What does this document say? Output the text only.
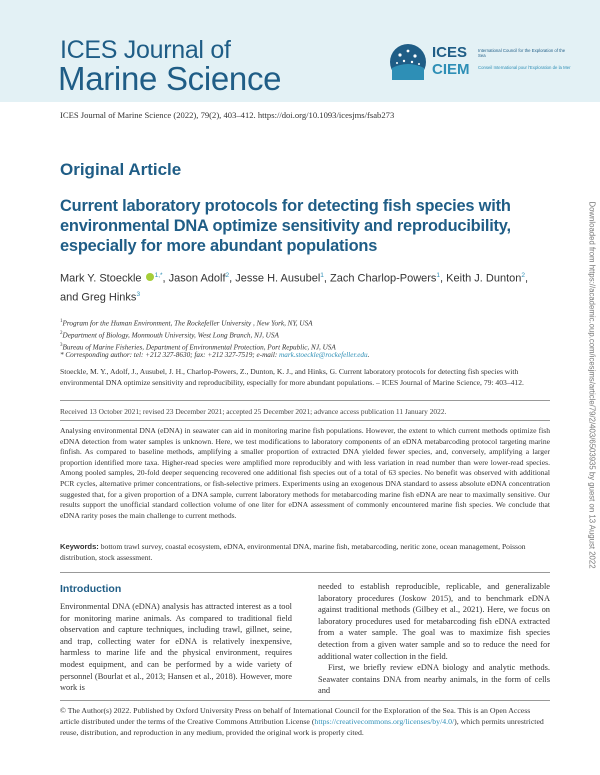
ICES Journal of
Marine Science
ICES
CIEM
International Council for the Exploration of the Sea
Conseil International pour l'Exploration de la Mer
ICES Journal of Marine Science (2022), 79(2), 403–412. https://doi.org/10.1093/icesjms/fsab273
Original Article
Current laboratory protocols for detecting fish species with environmental DNA optimize sensitivity and reproducibility, especially for more abundant populations
Mark Y. Stoeckle $^{1,*}$, Jason Adolf$^2$, Jesse H. Ausubel$^1$, Zach Charlop-Powers$^1$, Keith J. Dunton$^2$,
and Greg Hinks$^3$
$^1$Program for the Human Environment, The Rockefeller University , New York, NY, USA
$^2$Department of Biology, Monmouth University, West Long Branch, NJ, USA
$^3$Bureau of Marine Fisheries, Department of Environmental Protection, Port Republic, NJ, USA
* Corresponding author: tel: +212 327-8630; fax: +212 327-7519; e-mail: mark.stoeckle@rockefeller.edu.
Stoeckle, M. Y., Adolf, J., Ausubel, J. H., Charlop-Powers, Z., Dunton, K. J., and Hinks, G. Current laboratory protocols for detecting fish species with environmental DNA optimize sensitivity and reproducibility, especially for more abundant populations. – ICES Journal of Marine Science, 79: 403–412.
Received 13 October 2021; revised 23 December 2021; accepted 25 December 2021; advance access publication 11 January 2022.

Analysing environmental DNA (eDNA) in seawater can aid in monitoring marine fish populations. However, the extent to which current methods optimize fish eDNA detection from water samples is unknown. Here, we test modifications to laboratory components of an eDNA metabarcoding protocol targeting marine finfish. As compared to baseline methods, amplifying a smaller proportion of extracted DNA yielded fewer species, and, conversely, amplifying a larger proportion identified more taxa. Higher-read species were amplified more reproducibly and with less variation in read number than were lower-read species. Among pooled samples, 20-fold deeper sequencing recovered one additional fish species out of a total of 63 species. No benefit was observed with additional PCR cycles, alternative primer concentrations, or fish-selective primers. Experiments using an exogenous DNA standard to assess absolute eDNA concentration suggested that, for a given proportion of a DNA sample, current laboratory methods for metabarcoding marine fish eDNA are near to maximally sensitive. Our results support the unofficial standard collection volume of one liter for eDNA assessment of commonly encountered marine fish species. We conclude that eDNA rarity poses the main challenge to current methods.

Keywords: bottom trawl survey, coastal ecosystem, eDNA, environmental DNA, marine fish, metabarcoding, neritic zone, ocean management, Poisson distribution, stock assessment.
Introduction

Environmental DNA (eDNA) analysis has attracted interest as a tool for monitoring marine animals. As compared to traditional field observation and capture techniques, including trawl, gillnet, seine, and trap, collecting water for eDNA is relatively inexpensive, harmless to marine life and the physical environment, requires modest equipment, and can be performed by a wide variety of personnel (Bourlat et al., 2013; Hansen et al., 2018). However, more work is

needed to establish reproducible, replicable, and generalizable laboratory procedures (Joskow 2015), and to benchmark eDNA against traditional methods (Gilbey et al., 2021). Here, we focus on laboratory procedures used for metabarcoding fish eDNA extracted from a water sample. The goal was to maximize fish species detection from a given water sample and so to reduce the need for additional water collection in the field.

First, we briefly review eDNA biology and analytic methods. Seawater contains DNA from nearby animals, in the form of cells and

© The Author(s) 2022. Published by Oxford University Press on behalf of International Council for the Exploration of the Sea. This is an Open Access article distributed under the terms of the Creative Commons Attribution License (https://creativecommons.org/licenses/by/4.0/), which permits unrestricted reuse, distribution, and reproduction in any medium, provided the original work is properly cited.
Downloaded from https://academic.oup.com/icesjms/article/79/2/403/6503935 by guest on 13 August 2022
